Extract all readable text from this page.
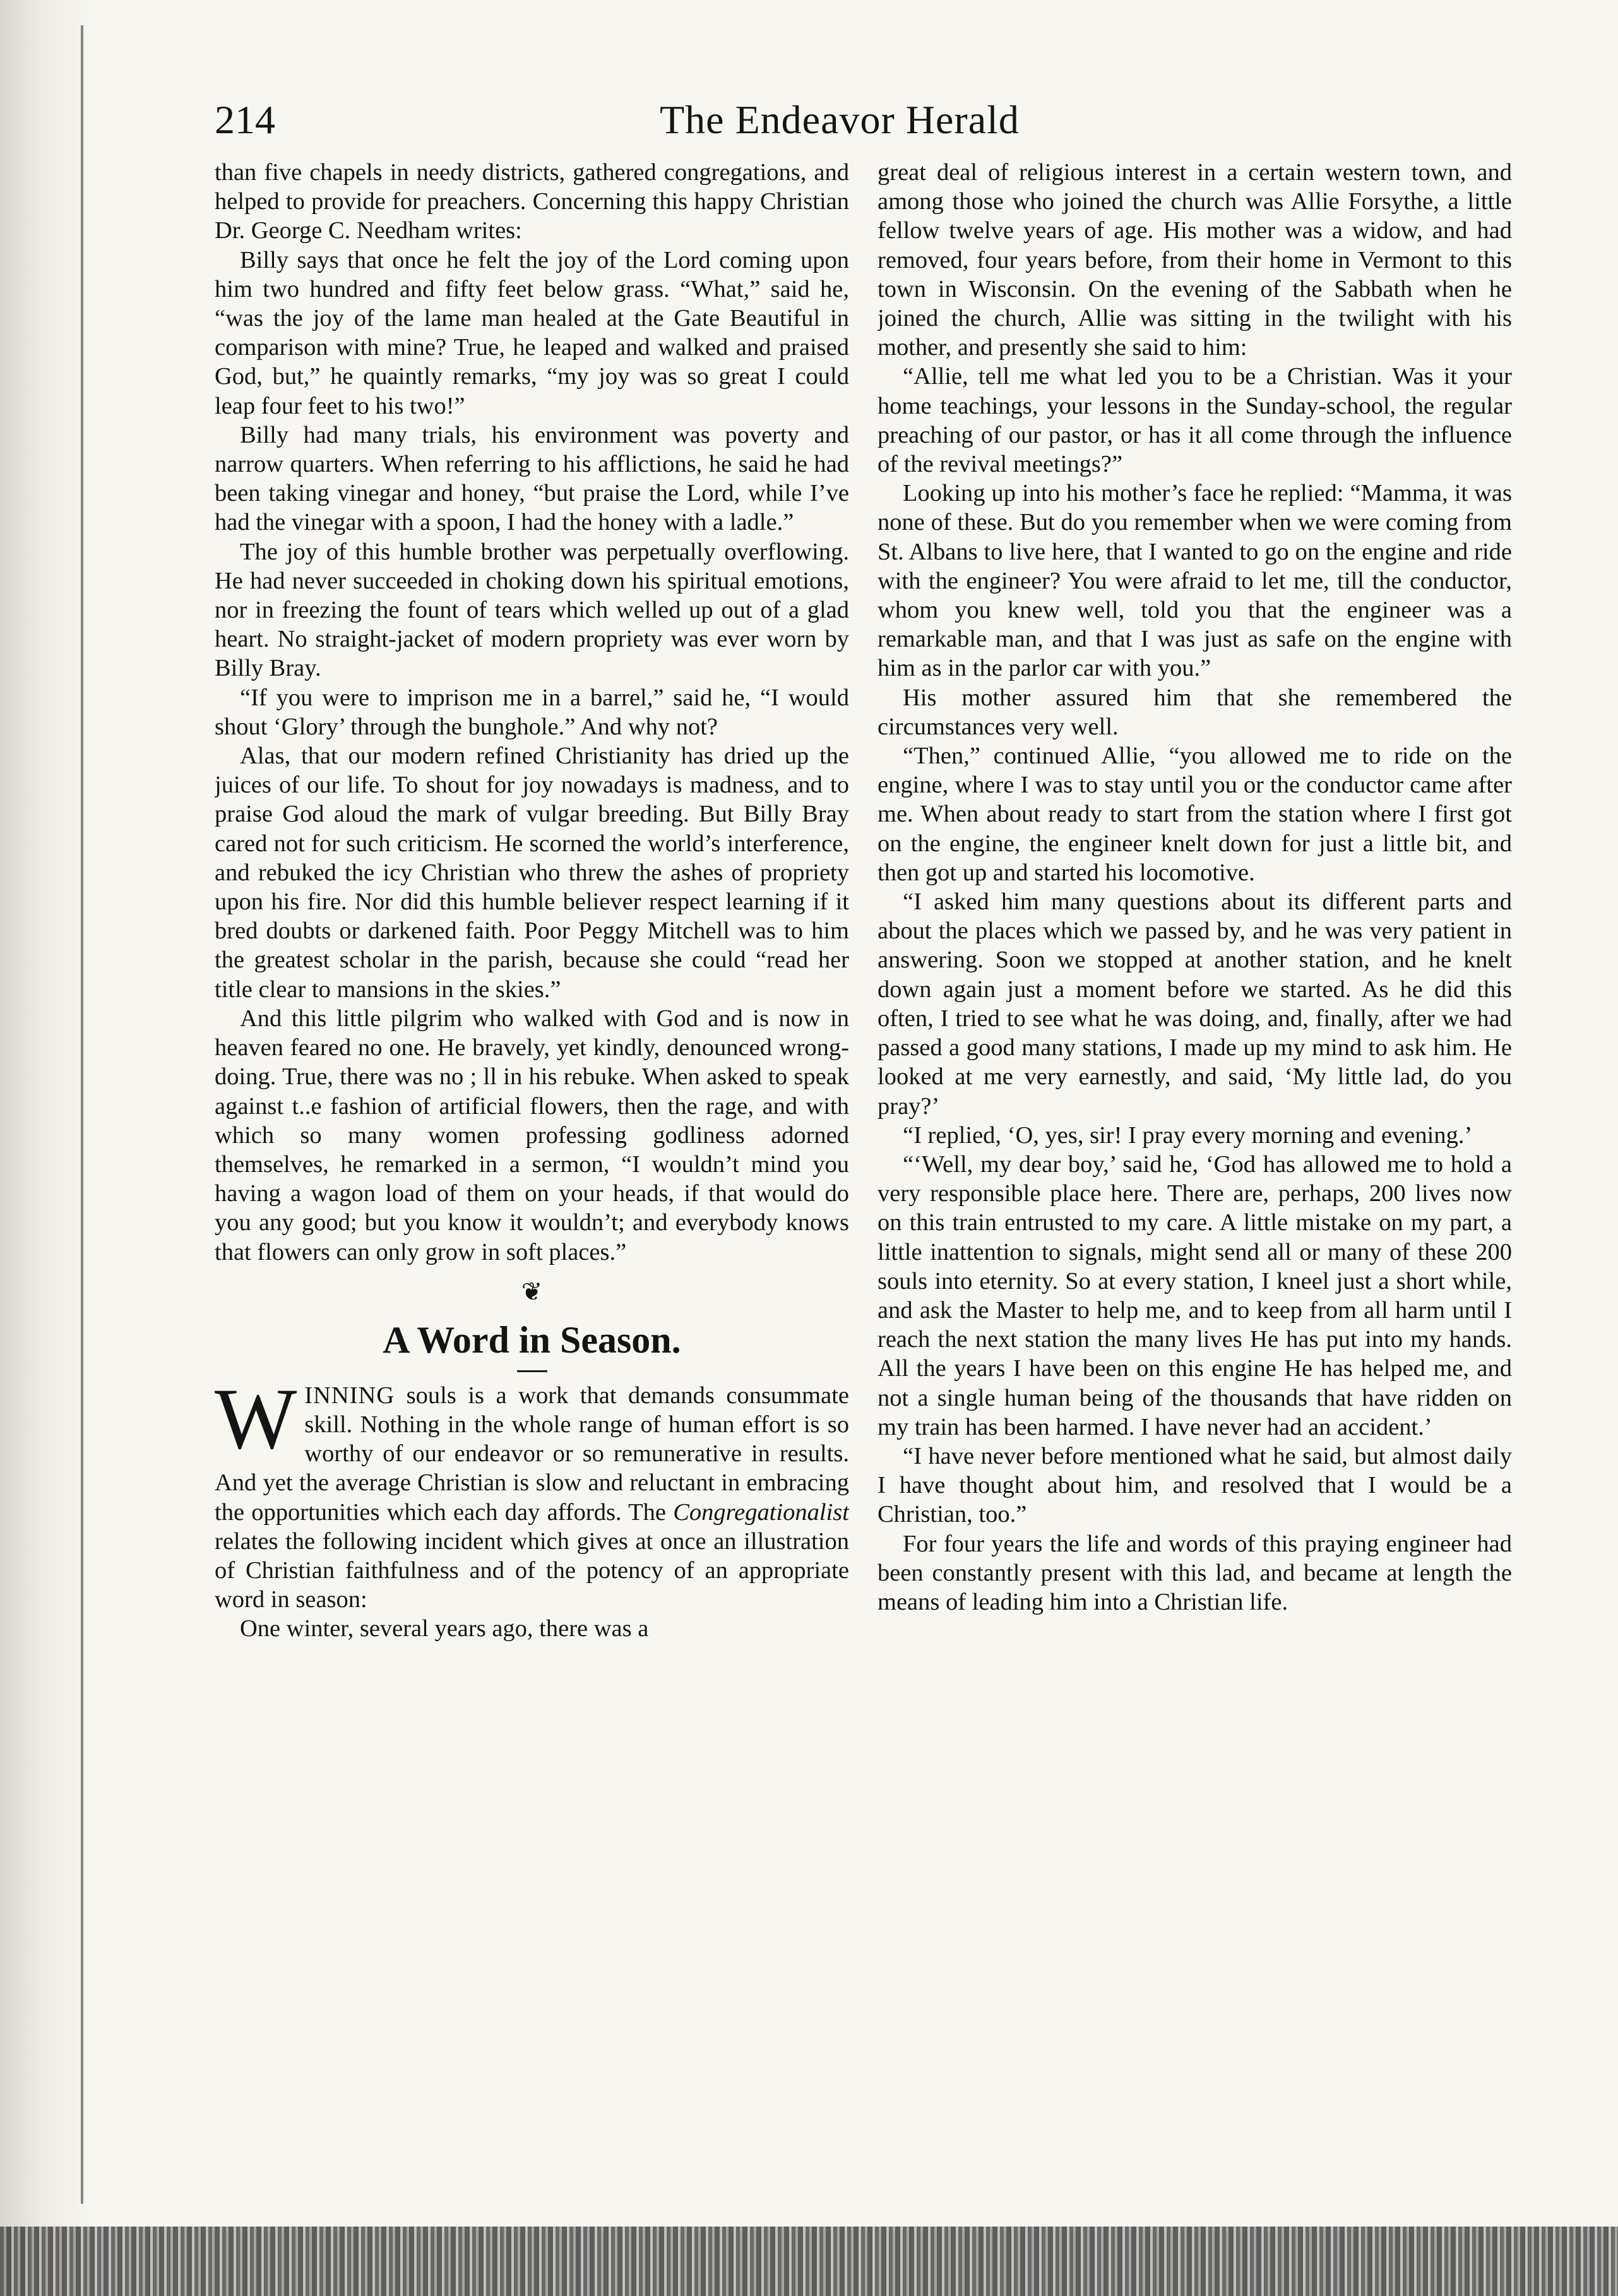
214	The Endeavor Herald

than five chapels in needy districts, gathered congregations, and helped to provide for preachers. Concerning this happy Christian Dr. George C. Needham writes:

Billy says that once he felt the joy of the Lord coming upon him two hundred and fifty feet below grass. “What,” said he, “was the joy of the lame man healed at the Gate Beautiful in comparison with mine? True, he leaped and walked and praised God, but,” he quaintly remarks, “my joy was so great I could leap four feet to his two!”

Billy had many trials, his environment was poverty and narrow quarters. When referring to his afflictions, he said he had been taking vinegar and honey, “but praise the Lord, while I’ve had the vinegar with a spoon, I had the honey with a ladle.”

The joy of this humble brother was perpetually overflowing. He had never succeeded in choking down his spiritual emotions, nor in freezing the fount of tears which welled up out of a glad heart. No straight-jacket of modern propriety was ever worn by Billy Bray.

“If you were to imprison me in a barrel,” said he, “I would shout ‘Glory’ through the bunghole.” And why not?

Alas, that our modern refined Christianity has dried up the juices of our life. To shout for joy nowadays is madness, and to praise God aloud the mark of vulgar breeding. But Billy Bray cared not for such criticism. He scorned the world’s interference, and rebuked the icy Christian who threw the ashes of propriety upon his fire. Nor did this humble believer respect learning if it bred doubts or darkened faith. Poor Peggy Mitchell was to him the greatest scholar in the parish, because she could “read her title clear to mansions in the skies.”

And this little pilgrim who walked with God and is now in heaven feared no one. He bravely, yet kindly, denounced wrong-doing. True, there was no ; ll in his rebuke. When asked to speak against t..e fashion of artificial flowers, then the rage, and with which so many women professing godliness adorned themselves, he remarked in a sermon, “I wouldn’t mind you having a wagon load of them on your heads, if that would do you any good; but you know it wouldn’t; and everybody knows that flowers can only grow in soft places.”

❦
A Word in Season.

WINNING souls is a work that demands consummate skill. Nothing in the whole range of human effort is so worthy of our endeavor or so remunerative in results. And yet the average Christian is slow and reluctant in embracing the opportunities which each day affords. The Congregationalist relates the following incident which gives at once an illustration of Christian faithfulness and of the potency of an appropriate word in season:

One winter, several years ago, there was a

great deal of religious interest in a certain western town, and among those who joined the church was Allie Forsythe, a little fellow twelve years of age. His mother was a widow, and had removed, four years before, from their home in Vermont to this town in Wisconsin. On the evening of the Sabbath when he joined the church, Allie was sitting in the twilight with his mother, and presently she said to him:

“Allie, tell me what led you to be a Christian. Was it your home teachings, your lessons in the Sunday-school, the regular preaching of our pastor, or has it all come through the influence of the revival meetings?”

Looking up into his mother’s face he replied: “Mamma, it was none of these. But do you remember when we were coming from St. Albans to live here, that I wanted to go on the engine and ride with the engineer? You were afraid to let me, till the conductor, whom you knew well, told you that the engineer was a remarkable man, and that I was just as safe on the engine with him as in the parlor car with you.”

His mother assured him that she remembered the circumstances very well.

“Then,” continued Allie, “you allowed me to ride on the engine, where I was to stay until you or the conductor came after me. When about ready to start from the station where I first got on the engine, the engineer knelt down for just a little bit, and then got up and started his locomotive.

“I asked him many questions about its different parts and about the places which we passed by, and he was very patient in answering. Soon we stopped at another station, and he knelt down again just a moment before we started. As he did this often, I tried to see what he was doing, and, finally, after we had passed a good many stations, I made up my mind to ask him. He looked at me very earnestly, and said, ‘My little lad, do you pray?’

“I replied, ‘O, yes, sir! I pray every morning and evening.’

“‘Well, my dear boy,’ said he, ‘God has allowed me to hold a very responsible place here. There are, perhaps, 200 lives now on this train entrusted to my care. A little mistake on my part, a little inattention to signals, might send all or many of these 200 souls into eternity. So at every station, I kneel just a short while, and ask the Master to help me, and to keep from all harm until I reach the next station the many lives He has put into my hands. All the years I have been on this engine He has helped me, and not a single human being of the thousands that have ridden on my train has been harmed. I have never had an accident.’

“I have never before mentioned what he said, but almost daily I have thought about him, and resolved that I would be a Christian, too.”

For four years the life and words of this praying engineer had been constantly present with this lad, and became at length the means of leading him into a Christian life.
